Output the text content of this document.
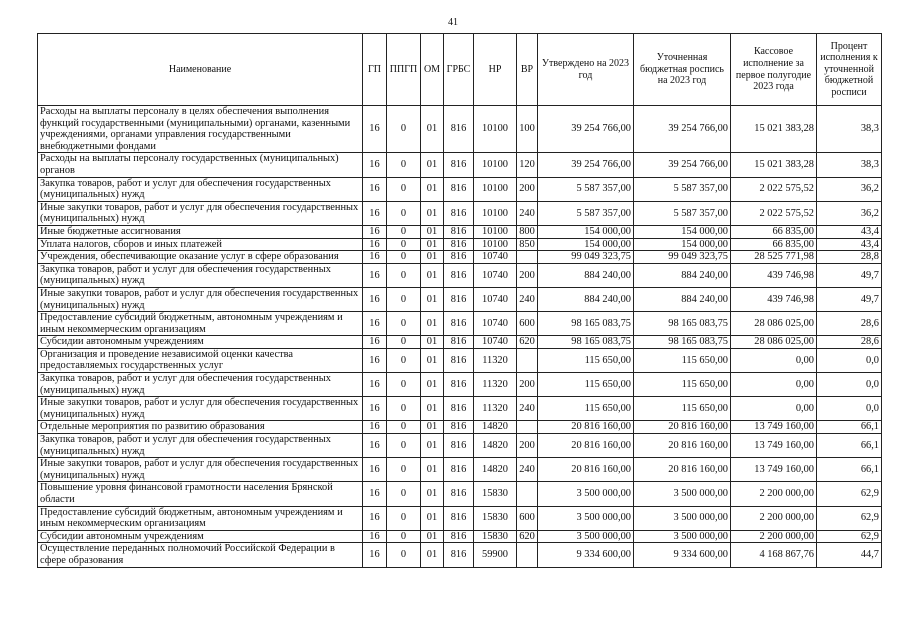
41
Наименование	ГП	ППГП	ОМ	ГРБС	НР	ВР	Утверждено на 2023 год	Уточненная бюджетная роспись на 2023 год	Кассовое исполнение за первое полугодие 2023 года	Процент исполнения к уточненной бюджетной росписи
Расходы на выплаты персоналу в целях обеспечения выполнения функций государственными (муниципальными) органами, казенными учреждениями, органами управления государственными внебюджетными фондами	16	0	01	816	10100	100	39 254 766,00	39 254 766,00	15 021 383,28	38,3
Расходы на выплаты персоналу государственных (муниципальных) органов	16	0	01	816	10100	120	39 254 766,00	39 254 766,00	15 021 383,28	38,3
Закупка товаров, работ и услуг для обеспечения государственных (муниципальных) нужд	16	0	01	816	10100	200	5 587 357,00	5 587 357,00	2 022 575,52	36,2
Иные закупки товаров, работ и услуг для обеспечения государственных (муниципальных) нужд	16	0	01	816	10100	240	5 587 357,00	5 587 357,00	2 022 575,52	36,2
Иные бюджетные ассигнования	16	0	01	816	10100	800	154 000,00	154 000,00	66 835,00	43,4
Уплата налогов, сборов и иных платежей	16	0	01	816	10100	850	154 000,00	154 000,00	66 835,00	43,4
Учреждения, обеспечивающие оказание услуг в сфере образования	16	0	01	816	10740		99 049 323,75	99 049 323,75	28 525 771,98	28,8
Закупка товаров, работ и услуг для обеспечения государственных (муниципальных) нужд	16	0	01	816	10740	200	884 240,00	884 240,00	439 746,98	49,7
Иные закупки товаров, работ и услуг для обеспечения государственных (муниципальных) нужд	16	0	01	816	10740	240	884 240,00	884 240,00	439 746,98	49,7
Предоставление субсидий бюджетным, автономным учреждениям и иным некоммерческим организациям	16	0	01	816	10740	600	98 165 083,75	98 165 083,75	28 086 025,00	28,6
Субсидии автономным учреждениям	16	0	01	816	10740	620	98 165 083,75	98 165 083,75	28 086 025,00	28,6
Организация и проведение независимой оценки качества предоставляемых государственных услуг	16	0	01	816	11320		115 650,00	115 650,00	0,00	0,0
Закупка товаров, работ и услуг для обеспечения государственных (муниципальных) нужд	16	0	01	816	11320	200	115 650,00	115 650,00	0,00	0,0
Иные закупки товаров, работ и услуг для обеспечения государственных (муниципальных) нужд	16	0	01	816	11320	240	115 650,00	115 650,00	0,00	0,0
Отдельные мероприятия по развитию образования	16	0	01	816	14820		20 816 160,00	20 816 160,00	13 749 160,00	66,1
Закупка товаров, работ и услуг для обеспечения государственных (муниципальных) нужд	16	0	01	816	14820	200	20 816 160,00	20 816 160,00	13 749 160,00	66,1
Иные закупки товаров, работ и услуг для обеспечения государственных (муниципальных) нужд	16	0	01	816	14820	240	20 816 160,00	20 816 160,00	13 749 160,00	66,1
Повышение уровня финансовой грамотности населения Брянской области	16	0	01	816	15830		3 500 000,00	3 500 000,00	2 200 000,00	62,9
Предоставление субсидий бюджетным, автономным учреждениям и иным некоммерческим организациям	16	0	01	816	15830	600	3 500 000,00	3 500 000,00	2 200 000,00	62,9
Субсидии автономным учреждениям	16	0	01	816	15830	620	3 500 000,00	3 500 000,00	2 200 000,00	62,9
Осуществление переданных полномочий Российской Федерации в сфере образования	16	0	01	816	59900		9 334 600,00	9 334 600,00	4 168 867,76	44,7
